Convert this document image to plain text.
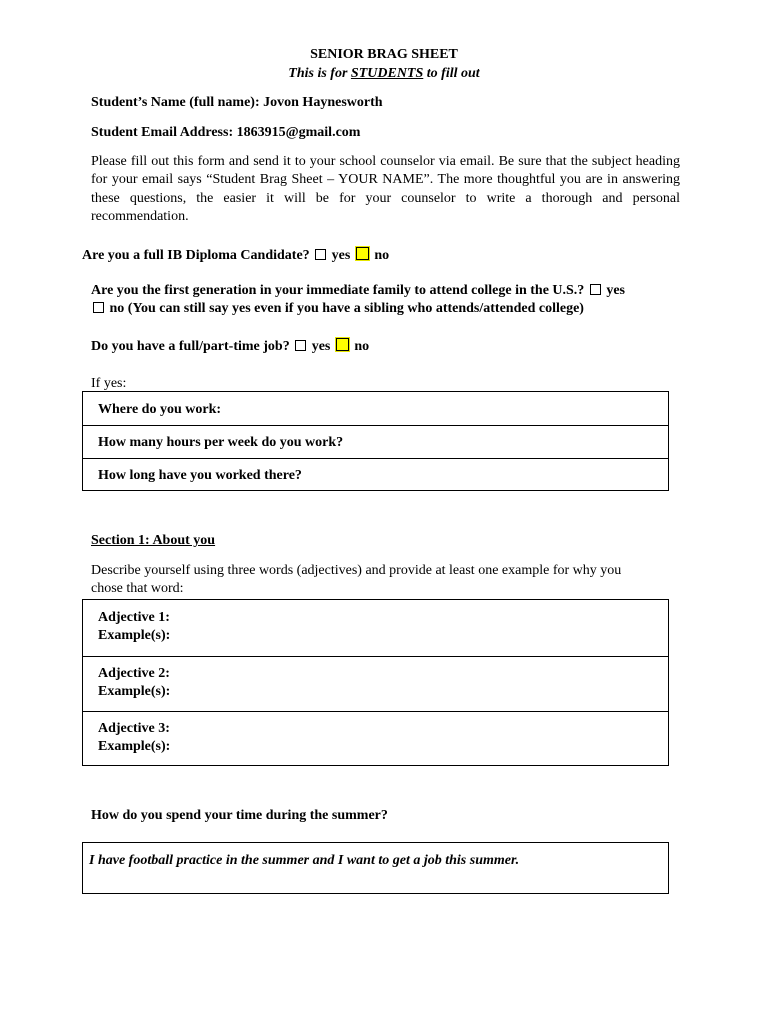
SENIOR BRAG SHEET
This is for STUDENTS to fill out
Student’s Name (full name): Jovon Haynesworth
Student Email Address: 1863915@gmail.com
Please fill out this form and send it to your school counselor via email. Be sure that the subject heading for your email says “Student Brag Sheet – YOUR NAME”. The more thoughtful you are in answering these questions, the easier it will be for your counselor to write a thorough and personal recommendation.
Are you a full IB Diploma Candidate? yes no
Are you the first generation in your immediate family to attend college in the U.S.? yes
no (You can still say yes even if you have a sibling who attends/attended college)
Do you have a full/part-time job? yes no
If yes:
Where do you work:
How many hours per week do you work?
How long have you worked there?
Section 1: About you
Describe yourself using three words (adjectives) and provide at least one example for why you
chose that word:
Adjective 1:
Example(s):
Adjective 2:
Example(s):
Adjective 3:
Example(s):
How do you spend your time during the summer?
I have football practice in the summer and I want to get a job this summer.
